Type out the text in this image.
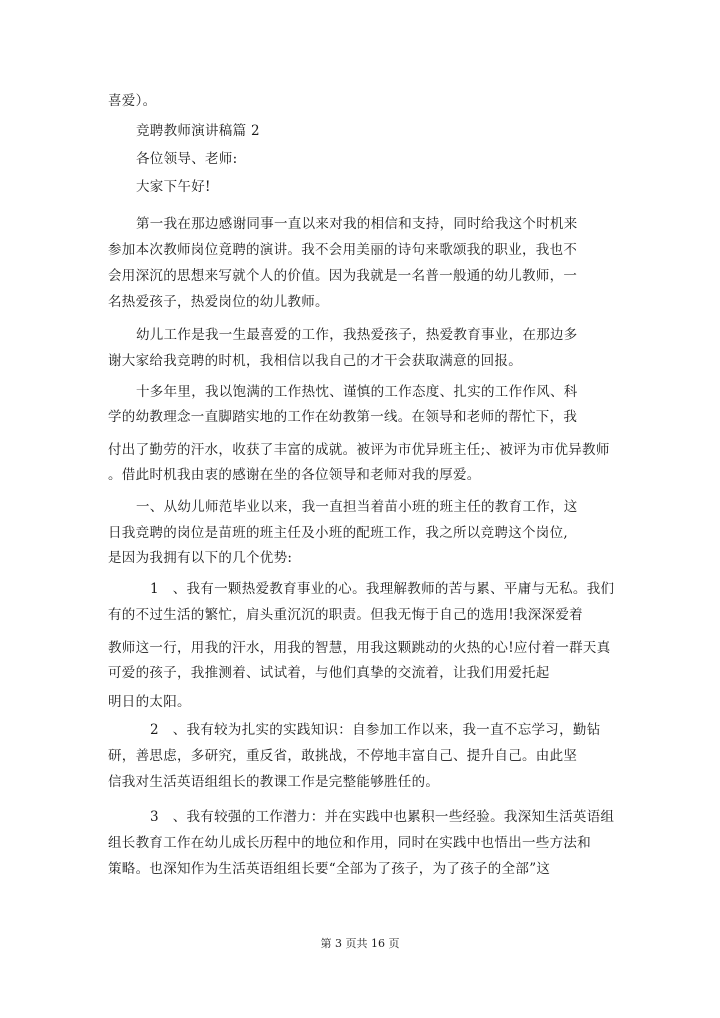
喜爱）。
竞聘教师演讲稿篇 2
各位领导、老师:
大家下午好!
第一我在那边感谢同事一直以来对我的相信和支持，同时给我这个时机来
参加本次教师岗位竟聘的演讲。我不会用美丽的诗句来歌颂我的职业，我也不
会用深沉的思想来写就个人的价值。因为我就是一名普一般通的幼儿教师，一
名热爱孩子，热爱岗位的幼儿教师。
幼儿工作是我一生最喜爱的工作，我热爱孩子，热爱教育事业，在那边多
谢大家给我竞聘的时机，我相信以我自己的才干会获取满意的回报。
十多年里，我以饱满的工作热忱、谨慎的工作态度、扎实的工作作风、科
学的幼教理念一直脚踏实地的工作在幼教第一线。在领导和老师的帮忙下，我
付出了勤劳的汗水，收获了丰富的成就。被评为市优异班主任;、被评为市优异教师
。借此时机我由衷的感谢在坐的各位领导和老师对我的厚爱。
一、从幼儿师范毕业以来，我一直担当着苗小班的班主任的教育工作，这
日我竞聘的岗位是苗班的班主任及小班的配班工作，我之所以竞聘这个岗位,
是因为我拥有以下的几个优势:
1　、我有一颗热爱教育事业的心。我理解教师的苦与累、平庸与无私。我们
有的不过生活的繁忙，肩头重沉沉的职责。但我无悔于自己的选用!我深深爱着
教师这一行，用我的汗水，用我的智慧，用我这颗跳动的火热的心!应付着一群天真
可爱的孩子，我推测着、试试着，与他们真挚的交流着，让我们用爱托起
明日的太阳。
2　、我有较为扎实的实践知识：自参加工作以来，我一直不忘学习，勤钻
研，善思虑，多研究，重反省，敢挑战，不停地丰富自己、提升自己。由此坚
信我对生活英语组组长的教课工作是完整能够胜任的。
3　、我有较强的工作潜力：并在实践中也累积一些经验。我深知生活英语组
组长教育工作在幼儿成长历程中的地位和作用，同时在实践中也悟出一些方法和
策略。也深知作为生活英语组组长要“全部为了孩子，为了孩子的全部”这
第 3 页共 16 页
